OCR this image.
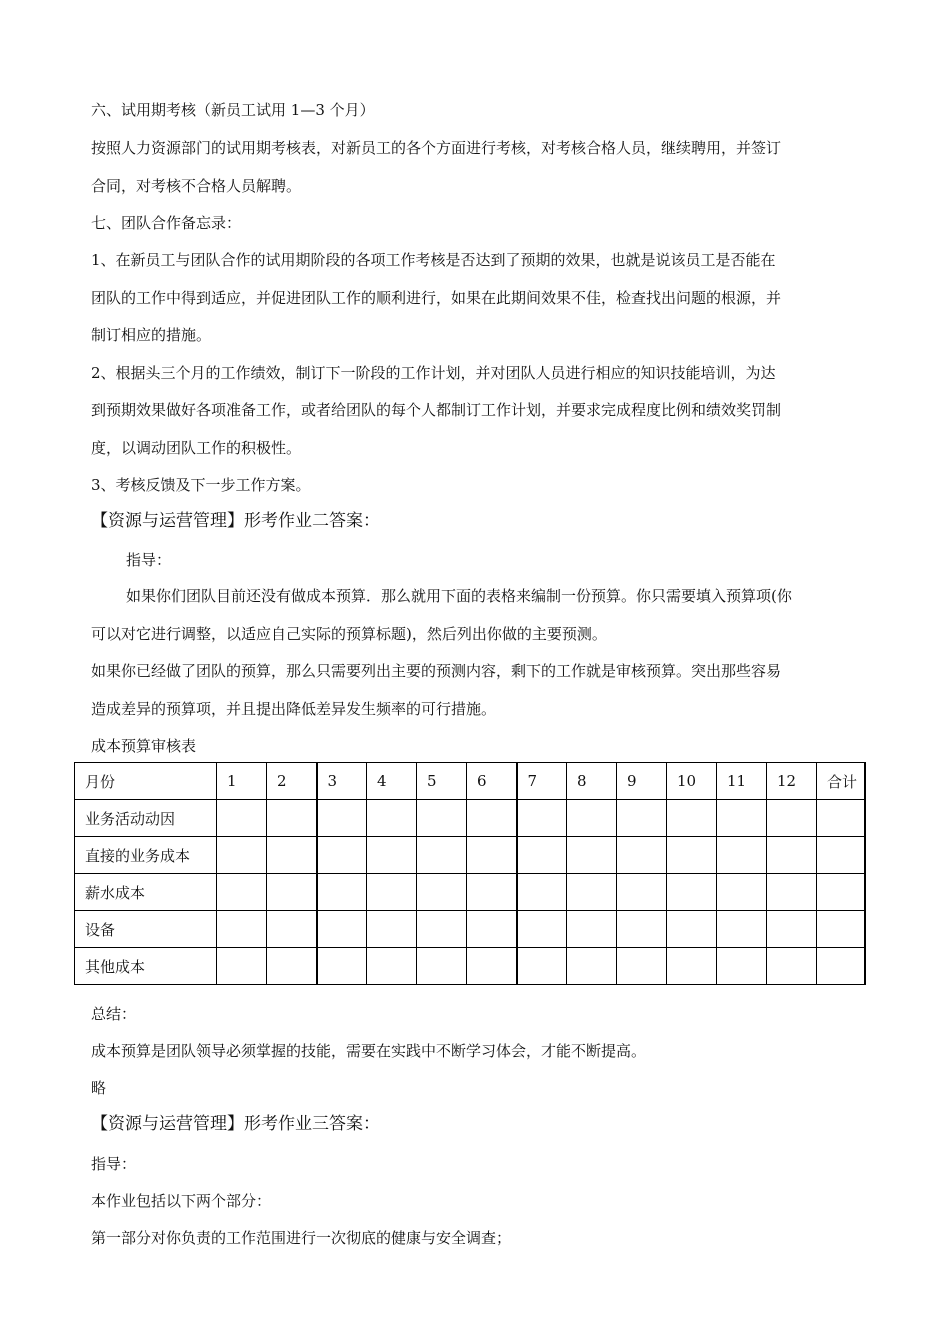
六、试用期考核（新员工试用 1—3 个月）
按照人力资源部门的试用期考核表，对新员工的各个方面进行考核，对考核合格人员，继续聘用，并签订
合同，对考核不合格人员解聘。
七、团队合作备忘录：
1、在新员工与团队合作的试用期阶段的各项工作考核是否达到了预期的效果，也就是说该员工是否能在
团队的工作中得到适应，并促进团队工作的顺利进行，如果在此期间效果不佳，检查找出问题的根源，并
制订相应的措施。
2、根据头三个月的工作绩效，制订下一阶段的工作计划，并对团队人员进行相应的知识技能培训，为达
到预期效果做好各项准备工作，或者给团队的每个人都制订工作计划，并要求完成程度比例和绩效奖罚制
度，以调动团队工作的积极性。
3、考核反馈及下一步工作方案。
【资源与运营管理】形考作业二答案：
指导：
如果你们团队目前还没有做成本预算．那么就用下面的表格来编制一份预算。你只需要填入预算项(你
可以对它进行调整，以适应自己实际的预算标题)，然后列出你做的主要预测。
如果你已经做了团队的预算，那么只需要列出主要的预测内容，剩下的工作就是审核预算。突出那些容易
造成差异的预算项，并且提出降低差异发生频率的可行措施。
成本预算审核表
月份	1	2	3	4	5	6	7	8	9	10	11	12	合计
业务活动动因													
直接的业务成本													
薪水成本													
设备													
其他成本													
总结：
成本预算是团队领导必须掌握的技能，需要在实践中不断学习体会，才能不断提高。
略
【资源与运营管理】形考作业三答案：
指导：
本作业包括以下两个部分：
第一部分对你负责的工作范围进行一次彻底的健康与安全调查；
